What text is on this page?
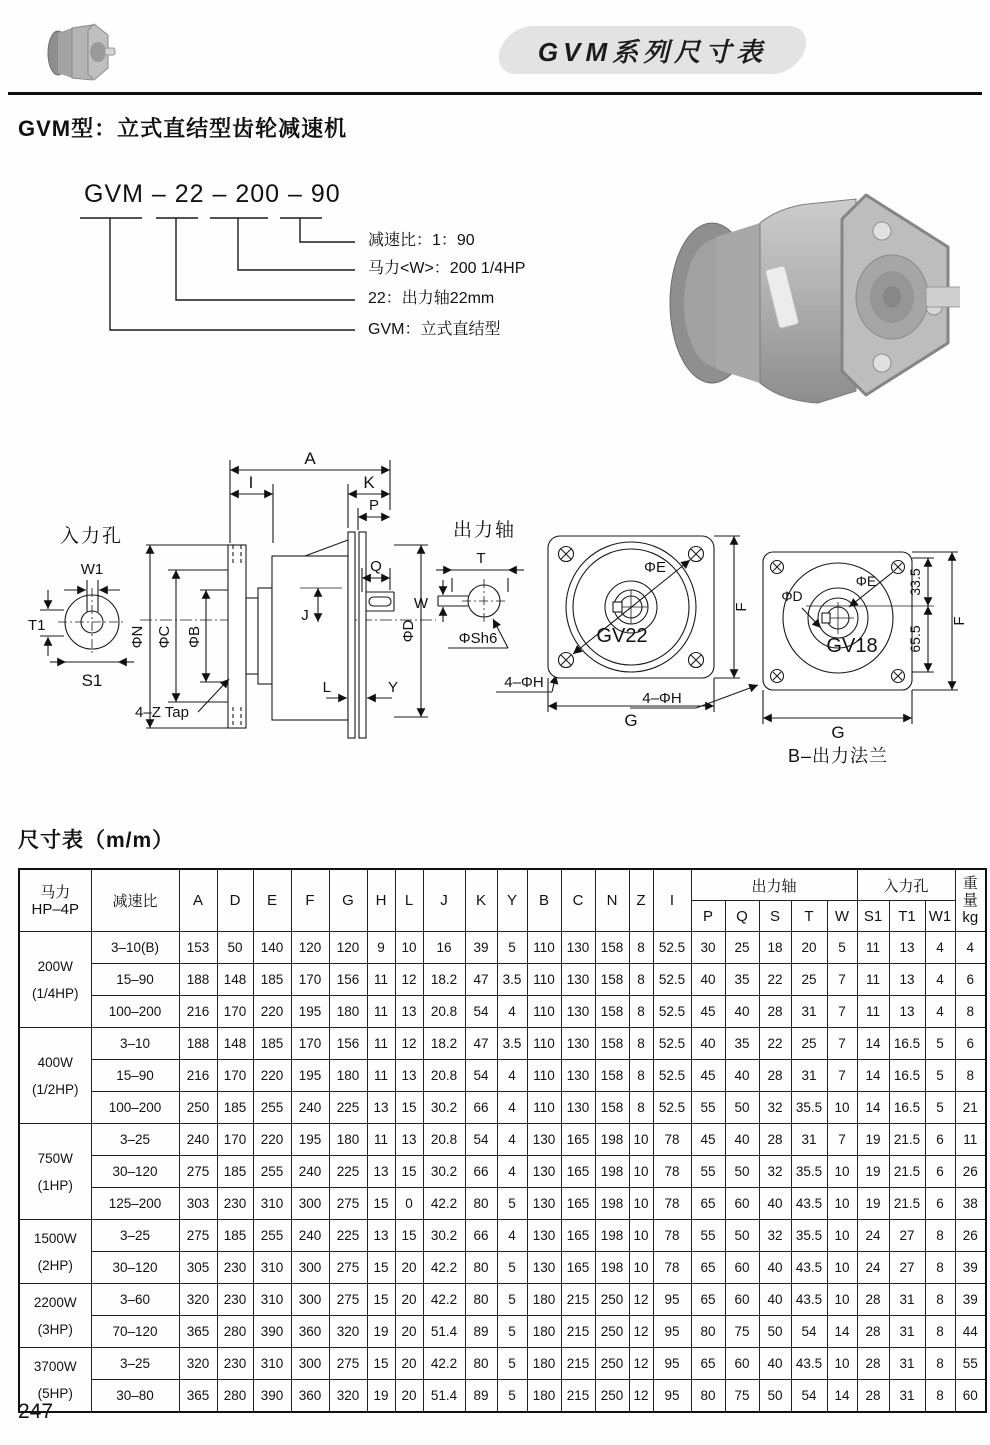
GVM系列尺寸表
GVM型：立式直结型齿轮减速机
GVM – 22 – 200 – 90
减速比：1：90
马力<W>：200 1/4HP
22：出力轴22mm
GVM：立式直结型
入力孔
W1
T1
S1
A
I	K
P
Q
J
L	Y
ΦN ΦC ΦB	ΦD
4–Z Tap
出力轴
T
W
ΦSh6
4–ΦH
ΦE
GV22
F
G
ΦE
ΦD
GV18
33.5
65.5
F
G
4–ΦH
B–出力法兰
尺寸表（m/m）
马力
HP–4P	减速比	A	D	E	F	G	H	L	J	K	Y	B	C	N	Z	I	出力轴	入力孔	重量
kg

																	P	Q	S	T	W	S1	T1	W1	

200W
(1/4HP)	3–10(B)	153	50	140	120	120	9	10	16	39	5	110	130	158	8	52.5	30	25	18	20	5	11	13	4	4
	15–90	188	148	185	170	156	11	12	18.2	47	3.5	110	130	158	8	52.5	40	35	22	25	7	11	13	4	6
	100–200	216	170	220	195	180	11	13	20.8	54	4	110	130	158	8	52.5	45	40	28	31	7	11	13	4	8

400W
(1/2HP)	3–10	188	148	185	170	156	11	12	18.2	47	3.5	110	130	158	8	52.5	40	35	22	25	7	14	16.5	5	6
	15–90	216	170	220	195	180	11	13	20.8	54	4	110	130	158	8	52.5	45	40	28	31	7	14	16.5	5	8
	100–200	250	185	255	240	225	13	15	30.2	66	4	110	130	158	8	52.5	55	50	32	35.5	10	14	16.5	5	21

750W
(1HP)	3–25	240	170	220	195	180	11	13	20.8	54	4	130	165	198	10	78	45	40	28	31	7	19	21.5	6	11
	30–120	275	185	255	240	225	13	15	30.2	66	4	130	165	198	10	78	55	50	32	35.5	10	19	21.5	6	26
	125–200	303	230	310	300	275	15	0	42.2	80	5	130	165	198	10	78	65	60	40	43.5	10	19	21.5	6	38

1500W
(2HP)	3–25	275	185	255	240	225	13	15	30.2	66	4	130	165	198	10	78	55	50	32	35.5	10	24	27	8	26
	30–120	305	230	310	300	275	15	20	42.2	80	5	130	165	198	10	78	65	60	40	43.5	10	24	27	8	39

2200W
(3HP)	3–60	320	230	310	300	275	15	20	42.2	80	5	180	215	250	12	95	65	60	40	43.5	10	28	31	8	39
	70–120	365	280	390	360	320	19	20	51.4	89	5	180	215	250	12	95	80	75	50	54	14	28	31	8	44

3700W
(5HP)	3–25	320	230	310	300	275	15	20	42.2	80	5	180	215	250	12	95	65	60	40	43.5	10	28	31	8	55
	30–80	365	280	390	360	320	19	20	51.4	89	5	180	215	250	12	95	80	75	50	54	14	28	31	8	60
247
